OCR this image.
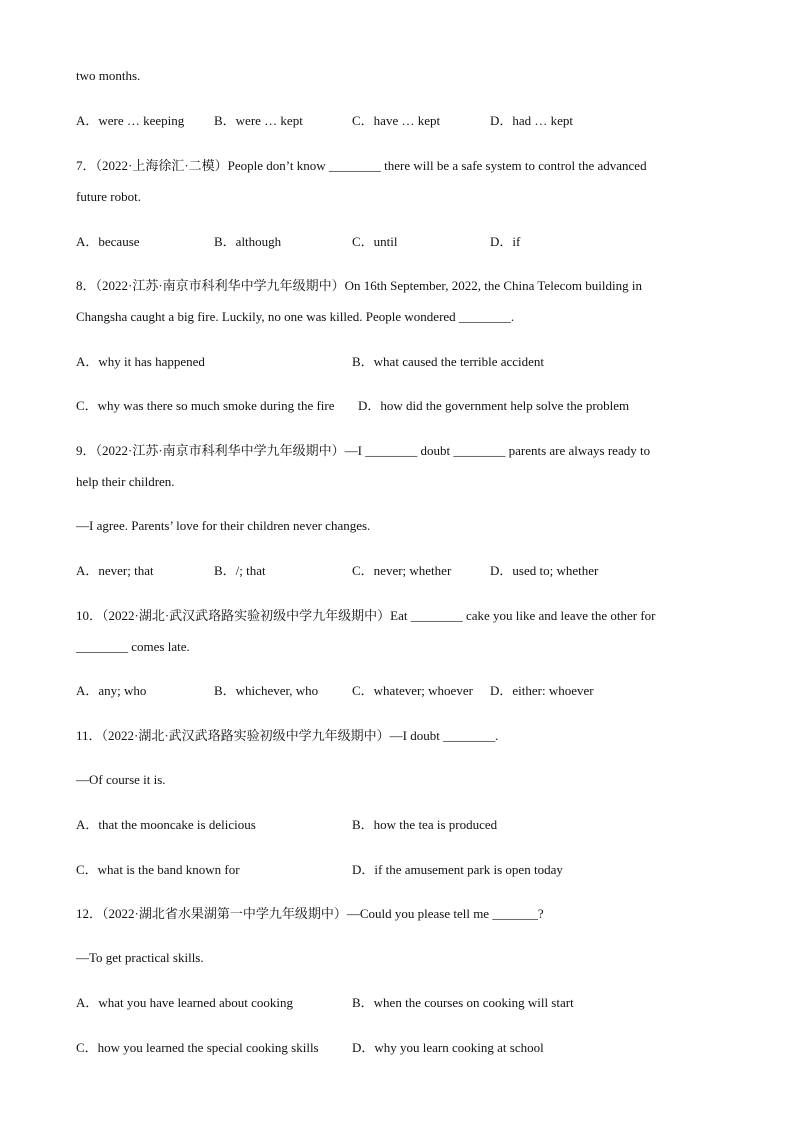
two months.
A．were … keeping B．were … kept	C．have … kept	D．had … kept
7．（2022·上海徐汇·二模）People don’t know ________ there will be a safe system to control the advanced
future robot.
A．because	B．although	C．until	D．if
8．（2022·江苏·南京市科利华中学九年级期中）On 16th September, 2022, the China Telecom building in
Changsha caught a big fire. Luckily, no one was killed. People wondered ________.
A．why it has happened	B．what caused the terrible accident
C．why was there so much smoke during the fire D．how did the government help solve the problem
9．（2022·江苏·南京市科利华中学九年级期中）—I ________ doubt ________ parents are always ready to
help their children.
—I agree. Parents’ love for their children never changes.
A．never; that	B．/; that	C．never; whether	D．used to; whether
10．（2022·湖北·武汉武珞路实验初级中学九年级期中）Eat ________ cake you like and leave the other for
________ comes late.
A．any; who	B．whichever, who	C．whatever; whoever D．either: whoever
11．（2022·湖北·武汉武珞路实验初级中学九年级期中）—I doubt ________.
—Of course it is.
A．that the mooncake is delicious	B．how the tea is produced
C．what is the band known for	D．if the amusement park is open today
12．（2022·湖北省水果湖第一中学九年级期中）—Could you please tell me _______?
—To get practical skills.
A．what you have learned about cooking	B．when the courses on cooking will start
C．how you learned the special cooking skills	D．why you learn cooking at school
